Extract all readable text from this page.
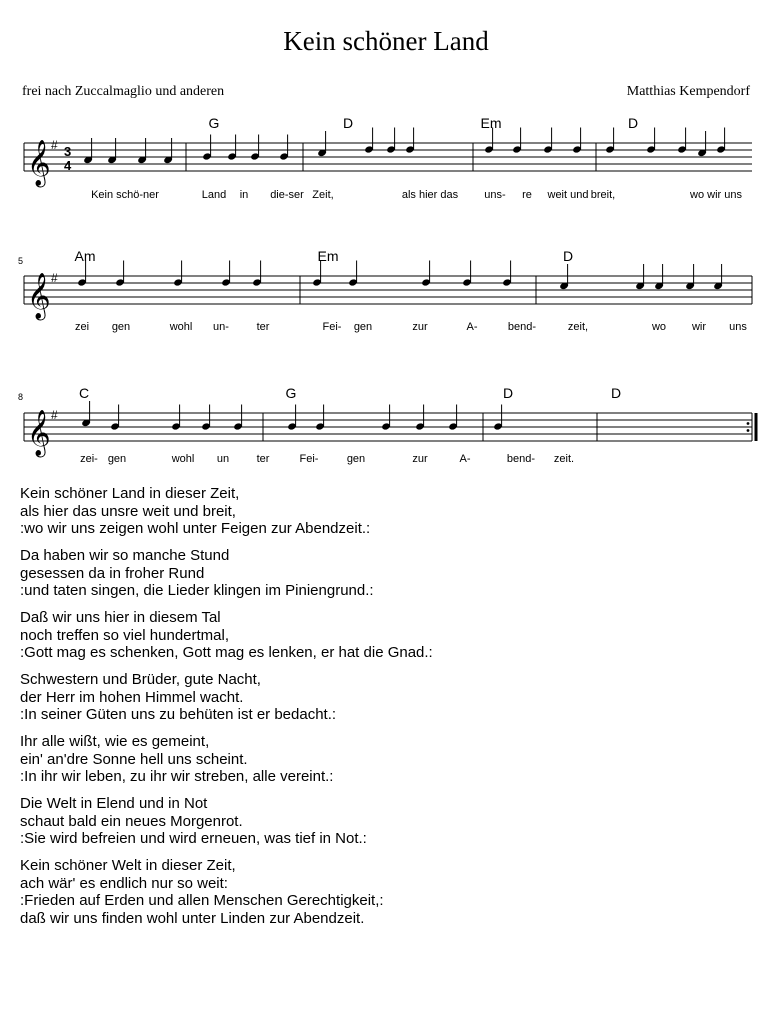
Kein schöner Land
frei nach Zuccalmaglio und anderen	Matthias Kempendorf
𝄞 # 3
4
G	D	Em	D
Kein schö-ner	Land in die-ser Zeit,	als hier das uns- re weit und breit,	wo wir uns
𝄞 #
5	Am	Em	D
zei gen	wohl un-	ter	Fei- gen	zur	A-	bend-	zeit,	wo wir uns
𝄞 #
8	C	G	D	D
zei- gen	wohl un ter	Fei-	gen	zur	A-	bend- zeit.
Kein schöner Land in dieser Zeit,
als hier das unsre weit und breit,
:wo wir uns zeigen wohl unter Feigen zur Abendzeit.:
Da haben wir so manche Stund
gesessen da in froher Rund
:und taten singen, die Lieder klingen im Piniengrund.:
Daß wir uns hier in diesem Tal
noch treffen so viel hundertmal,
:Gott mag es schenken, Gott mag es lenken, er hat die Gnad.:
Schwestern und Brüder, gute Nacht,
der Herr im hohen Himmel wacht.
:In seiner Güten uns zu behüten ist er bedacht.:
Ihr alle wißt, wie es gemeint,
ein' an'dre Sonne hell uns scheint.
:In ihr wir leben, zu ihr wir streben, alle vereint.:
Die Welt in Elend und in Not
schaut bald ein neues Morgenrot.
:Sie wird befreien und wird erneuen, was tief in Not.:
Kein schöner Welt in dieser Zeit,
ach wär' es endlich nur so weit:
:Frieden auf Erden und allen Menschen Gerechtigkeit,:
daß wir uns finden wohl unter Linden zur Abendzeit.
